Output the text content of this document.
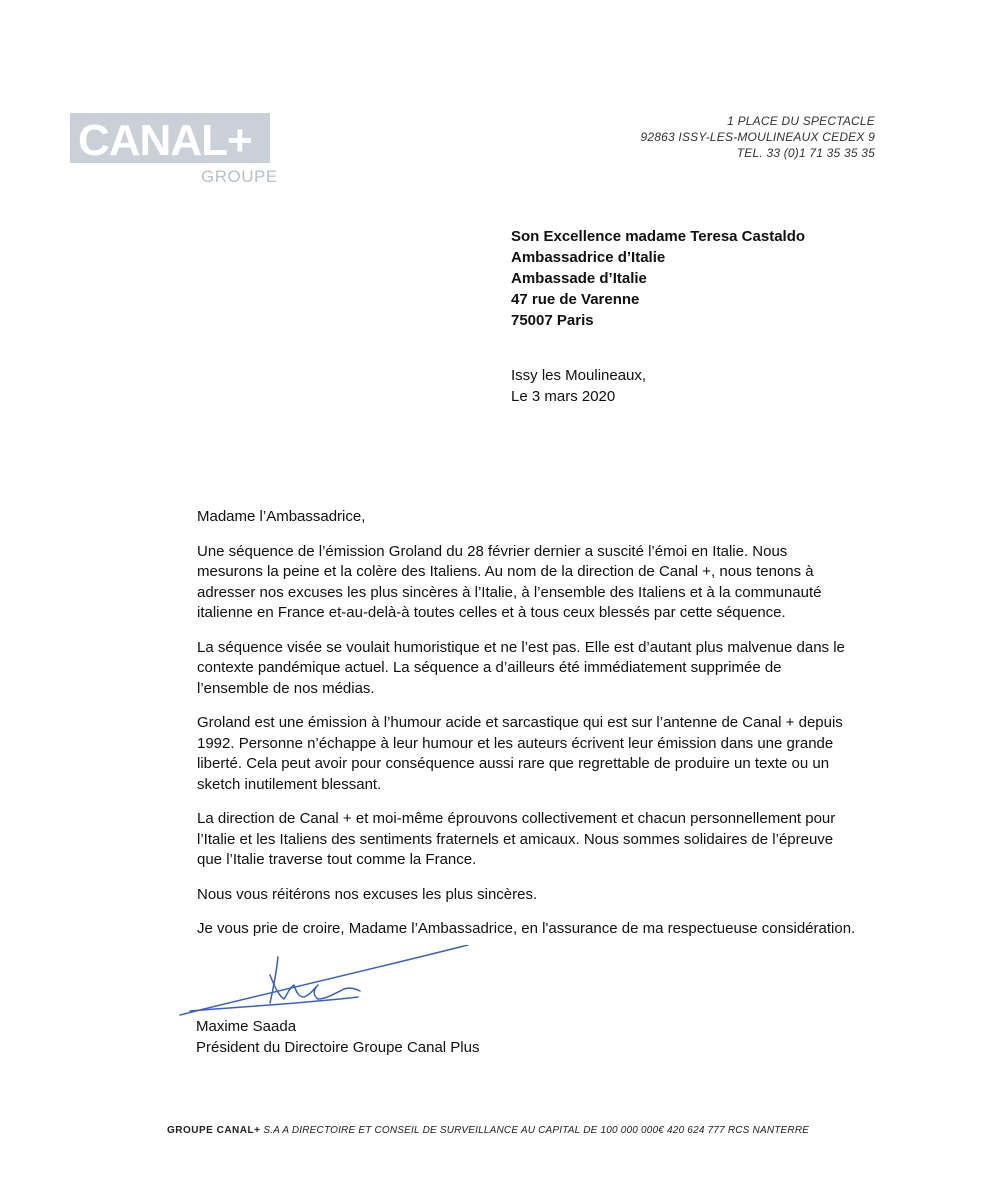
CANAL+
GROUPE
1 PLACE DU SPECTACLE
92863 ISSY-LES-MOULINEAUX CEDEX 9
TEL. 33 (0)1 71 35 35 35
Son Excellence madame Teresa Castaldo
Ambassadrice d’Italie
Ambassade d’Italie
47 rue de Varenne
75007 Paris
Issy les Moulineaux,
Le 3 mars 2020

Madame l’Ambassadrice,

Une séquence de l’émission Groland du 28 février dernier a suscité l’émoi en Italie. Nous mesurons la peine et la colère des Italiens. Au nom de la direction de Canal +, nous tenons à adresser nos excuses les plus sincères à l’Italie, à l’ensemble des Italiens et à la communauté italienne en France et-au-delà-à toutes celles et à tous ceux blessés par cette séquence.

La séquence visée se voulait humoristique et ne l’est pas. Elle est d’autant plus malvenue dans le contexte pandémique actuel. La séquence a d’ailleurs été immédiatement supprimée de l’ensemble de nos médias.

Groland est une émission à l’humour acide et sarcastique qui est sur l’antenne de Canal + depuis 1992. Personne n’échappe à leur humour et les auteurs écrivent leur émission dans une grande liberté. Cela peut avoir pour conséquence aussi rare que regrettable de produire un texte ou un sketch inutilement blessant.

La direction de Canal + et moi-même éprouvons collectivement et chacun personnellement pour l’Italie et les Italiens des sentiments fraternels et amicaux. Nous sommes solidaires de l’épreuve que l’Italie traverse tout comme la France.

Nous vous réitérons nos excuses les plus sincères.

Je vous prie de croire, Madame l’Ambassadrice, en l'assurance de ma respectueuse considération.

Maxime Saada
Président du Directoire Groupe Canal Plus
GROUPE CANAL+ S.A A DIRECTOIRE ET CONSEIL DE SURVEILLANCE AU CAPITAL DE 100 000 000€ 420 624 777 RCS NANTERRE
